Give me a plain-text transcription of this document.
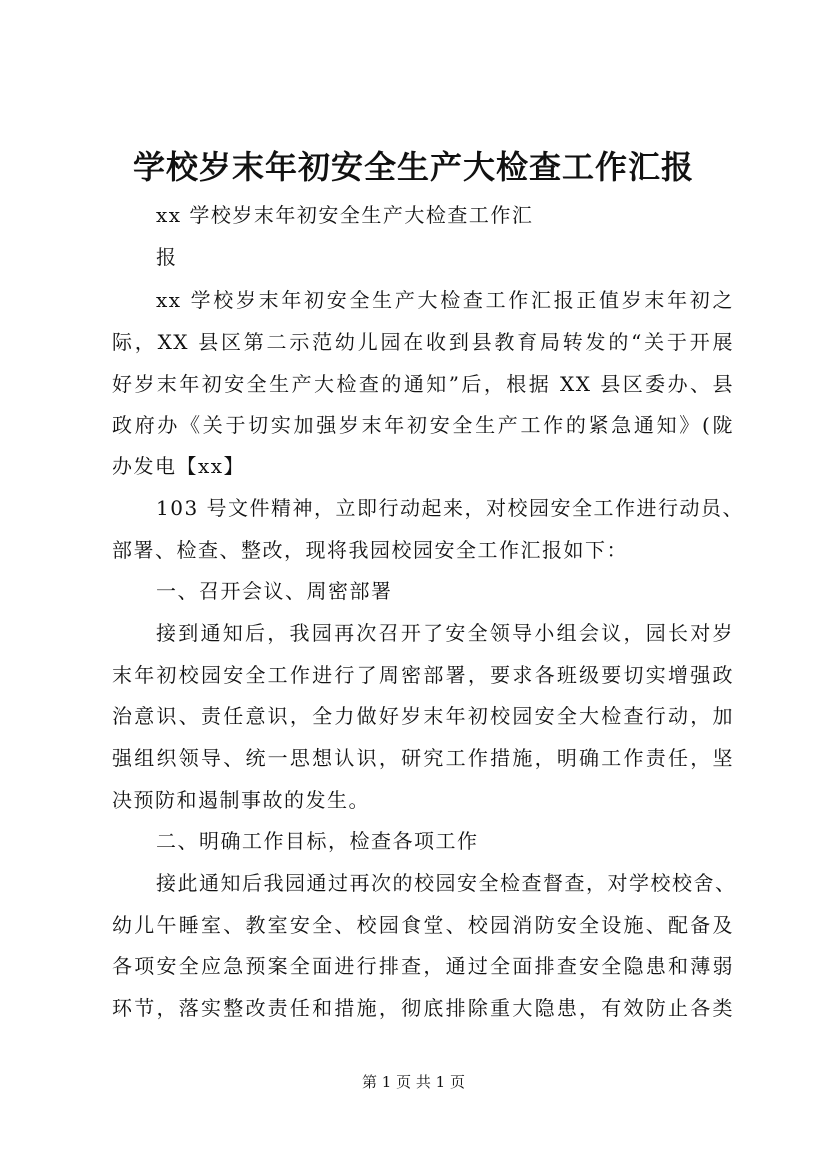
学校岁末年初安全生产大检查工作汇报
xx 学校岁末年初安全生产大检查工作汇
报
xx 学校岁末年初安全生产大检查工作汇报正值岁末年初之
际，XX 县区第二示范幼儿园在收到县教育局转发的“关于开展
好岁末年初安全生产大检查的通知”后，根据 XX 县区委办、县
政府办《关于切实加强岁末年初安全生产工作的紧急通知》(陇
办发电【xx】
103 号文件精神，立即行动起来，对校园安全工作进行动员、
部署、检查、整改，现将我园校园安全工作汇报如下：
一、召开会议、周密部署
接到通知后，我园再次召开了安全领导小组会议，园长对岁
末年初校园安全工作进行了周密部署，要求各班级要切实增强政
治意识、责任意识，全力做好岁末年初校园安全大检查行动，加
强组织领导、统一思想认识，研究工作措施，明确工作责任，坚
决预防和遏制事故的发生。
二、明确工作目标，检查各项工作
接此通知后我园通过再次的校园安全检查督查，对学校校舍、
幼儿午睡室、教室安全、校园食堂、校园消防安全设施、配备及
各项安全应急预案全面进行排查，通过全面排查安全隐患和薄弱
环节，落实整改责任和措施，彻底排除重大隐患，有效防止各类
第 1 页 共 1 页
